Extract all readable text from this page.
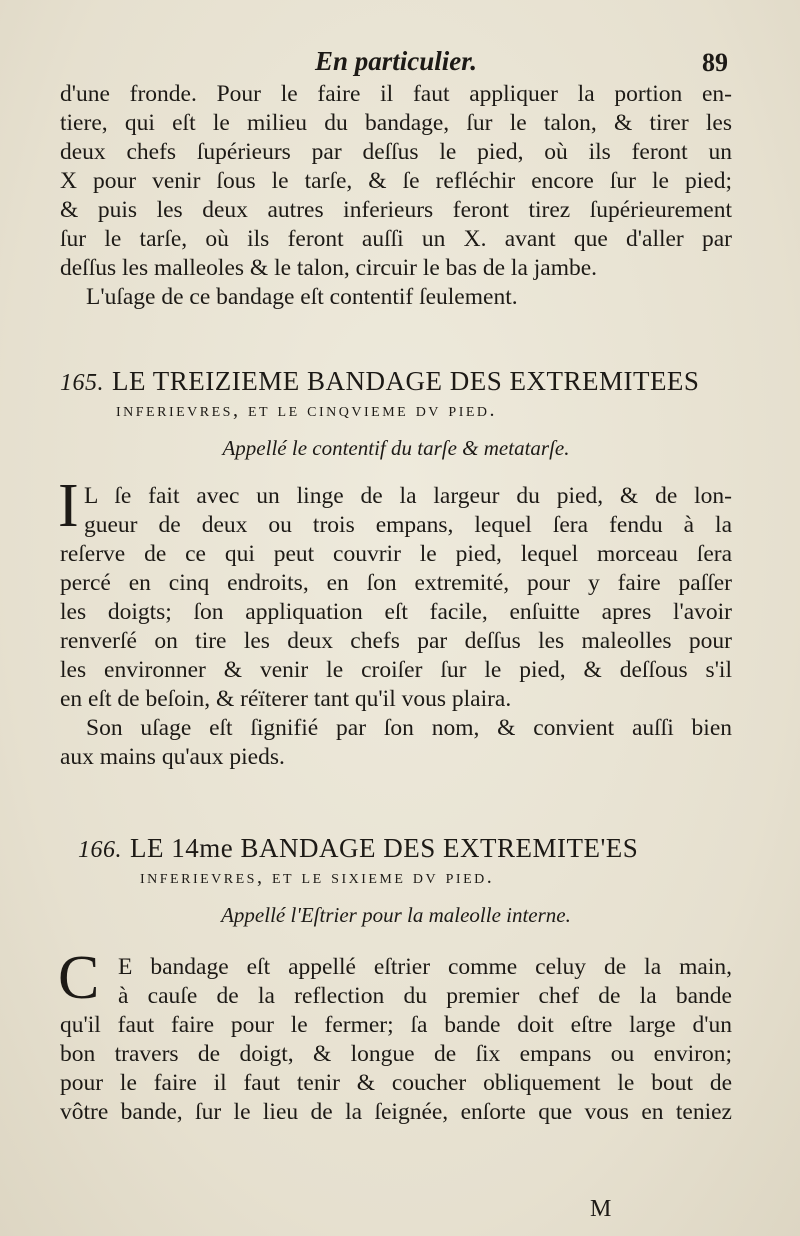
En particulier.	89
d'une fronde. Pour le faire il faut appliquer la portion en-
tiere, qui eſt le milieu du bandage, ſur le talon, & tirer les
deux chefs ſupérieurs par deſſus le pied, où ils feront un
X pour venir ſous le tarſe, & ſe refléchir encore ſur le pied;
& puis les deux autres inferieurs feront tirez ſupérieurement
ſur le tarſe, où ils feront auſſi un X. avant que d'aller par
deſſus les malleoles & le talon, circuir le bas de la jambe.
L'uſage de ce bandage eſt contentif ſeulement.
165. LE TREIZIEME BANDAGE DES EXTREMITEES
inferievres, et le cinqvieme dv pied.
Appellé le contentif du tarſe & metatarſe.
I L ſe fait avec un linge de la largeur du pied, & de lon-
gueur de deux ou trois empans, lequel ſera fendu à la
reſerve de ce qui peut couvrir le pied, lequel morceau ſera
percé en cinq endroits, en ſon extremité, pour y faire paſſer
les doigts; ſon appliquation eſt facile, enſuitte apres l'avoir
renverſé on tire les deux chefs par deſſus les maleolles pour
les environner & venir le croiſer ſur le pied, & deſſous s'il
en eſt de beſoin, & réïterer tant qu'il vous plaira.
Son uſage eſt ſignifié par ſon nom, & convient auſſi bien
aux mains qu'aux pieds.
166. LE 14me BANDAGE DES EXTREMITE'ES
inferievres, et le sixieme dv pied.
Appellé l'Eſtrier pour la maleolle interne.
C E bandage eſt appellé eſtrier comme celuy de la main,
à cauſe de la reflection du premier chef de la bande
qu'il faut faire pour le fermer; ſa bande doit eſtre large d'un
bon travers de doigt, & longue de ſix empans ou environ;
pour le faire il faut tenir & coucher obliquement le bout de
vôtre bande, ſur le lieu de la ſeignée, enſorte que vous en teniez
M
